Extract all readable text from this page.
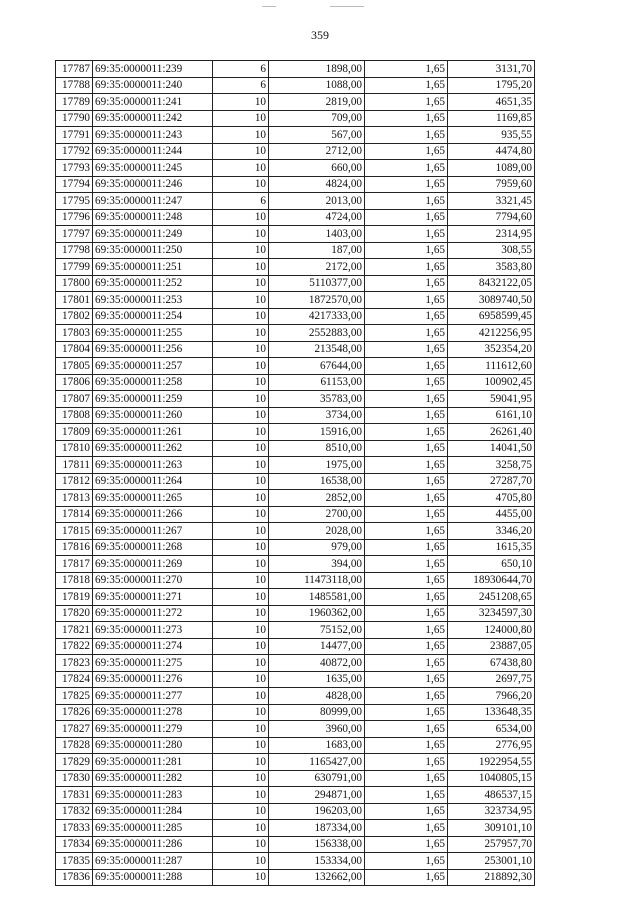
359
17787	69:35:0000011:239	6	1898,00	1,65	3131,70
17788	69:35:0000011:240	6	1088,00	1,65	1795,20
17789	69:35:0000011:241	10	2819,00	1,65	4651,35
17790	69:35:0000011:242	10	709,00	1,65	1169,85
17791	69:35:0000011:243	10	567,00	1,65	935,55
17792	69:35:0000011:244	10	2712,00	1,65	4474,80
17793	69:35:0000011:245	10	660,00	1,65	1089,00
17794	69:35:0000011:246	10	4824,00	1,65	7959,60
17795	69:35:0000011:247	6	2013,00	1,65	3321,45
17796	69:35:0000011:248	10	4724,00	1,65	7794,60
17797	69:35:0000011:249	10	1403,00	1,65	2314,95
17798	69:35:0000011:250	10	187,00	1,65	308,55
17799	69:35:0000011:251	10	2172,00	1,65	3583,80
17800	69:35:0000011:252	10	5110377,00	1,65	8432122,05
17801	69:35:0000011:253	10	1872570,00	1,65	3089740,50
17802	69:35:0000011:254	10	4217333,00	1,65	6958599,45
17803	69:35:0000011:255	10	2552883,00	1,65	4212256,95
17804	69:35:0000011:256	10	213548,00	1,65	352354,20
17805	69:35:0000011:257	10	67644,00	1,65	111612,60
17806	69:35:0000011:258	10	61153,00	1,65	100902,45
17807	69:35:0000011:259	10	35783,00	1,65	59041,95
17808	69:35:0000011:260	10	3734,00	1,65	6161,10
17809	69:35:0000011:261	10	15916,00	1,65	26261,40
17810	69:35:0000011:262	10	8510,00	1,65	14041,50
17811	69:35:0000011:263	10	1975,00	1,65	3258,75
17812	69:35:0000011:264	10	16538,00	1,65	27287,70
17813	69:35:0000011:265	10	2852,00	1,65	4705,80
17814	69:35:0000011:266	10	2700,00	1,65	4455,00
17815	69:35:0000011:267	10	2028,00	1,65	3346,20
17816	69:35:0000011:268	10	979,00	1,65	1615,35
17817	69:35:0000011:269	10	394,00	1,65	650,10
17818	69:35:0000011:270	10	11473118,00	1,65	18930644,70
17819	69:35:0000011:271	10	1485581,00	1,65	2451208,65
17820	69:35:0000011:272	10	1960362,00	1,65	3234597,30
17821	69:35:0000011:273	10	75152,00	1,65	124000,80
17822	69:35:0000011:274	10	14477,00	1,65	23887,05
17823	69:35:0000011:275	10	40872,00	1,65	67438,80
17824	69:35:0000011:276	10	1635,00	1,65	2697,75
17825	69:35:0000011:277	10	4828,00	1,65	7966,20
17826	69:35:0000011:278	10	80999,00	1,65	133648,35
17827	69:35:0000011:279	10	3960,00	1,65	6534,00
17828	69:35:0000011:280	10	1683,00	1,65	2776,95
17829	69:35:0000011:281	10	1165427,00	1,65	1922954,55
17830	69:35:0000011:282	10	630791,00	1,65	1040805,15
17831	69:35:0000011:283	10	294871,00	1,65	486537,15
17832	69:35:0000011:284	10	196203,00	1,65	323734,95
17833	69:35:0000011:285	10	187334,00	1,65	309101,10
17834	69:35:0000011:286	10	156338,00	1,65	257957,70
17835	69:35:0000011:287	10	153334,00	1,65	253001,10
17836	69:35:0000011:288	10	132662,00	1,65	218892,30
